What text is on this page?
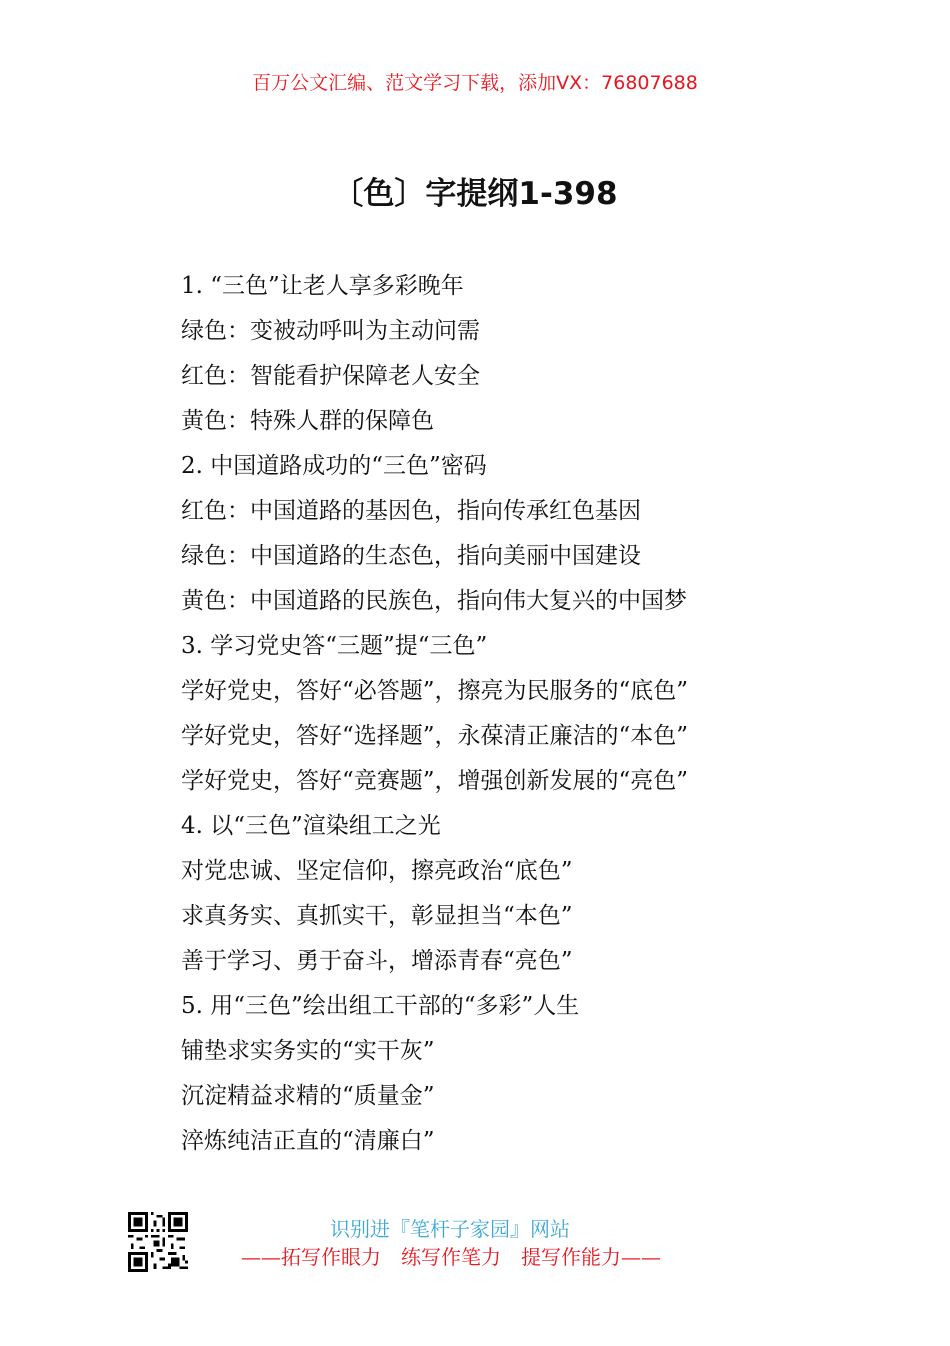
百万公文汇编、范文学习下载，添加VX：76807688
〔色〕字提纲1-398
1. “三色”让老人享多彩晚年
绿色：变被动呼叫为主动问需
红色：智能看护保障老人安全
黄色：特殊人群的保障色
2. 中国道路成功的“三色”密码
红色：中国道路的基因色，指向传承红色基因
绿色：中国道路的生态色，指向美丽中国建设
黄色：中国道路的民族色，指向伟大复兴的中国梦
3. 学习党史答“三题”提“三色”
学好党史，答好“必答题”，擦亮为民服务的“底色”
学好党史，答好“选择题”，永葆清正廉洁的“本色”
学好党史，答好“竞赛题”，增强创新发展的“亮色”
4. 以“三色”渲染组工之光
对党忠诚、坚定信仰，擦亮政治“底色”
求真务实、真抓实干，彰显担当“本色”
善于学习、勇于奋斗，增添青春“亮色”
5. 用“三色”绘出组工干部的“多彩”人生
铺垫求实务实的“实干灰”
沉淀精益求精的“质量金”
淬炼纯洁正直的“清廉白”
识别进『笔杆子家园』网站
——拓写作眼力　练写作笔力　提写作能力——
